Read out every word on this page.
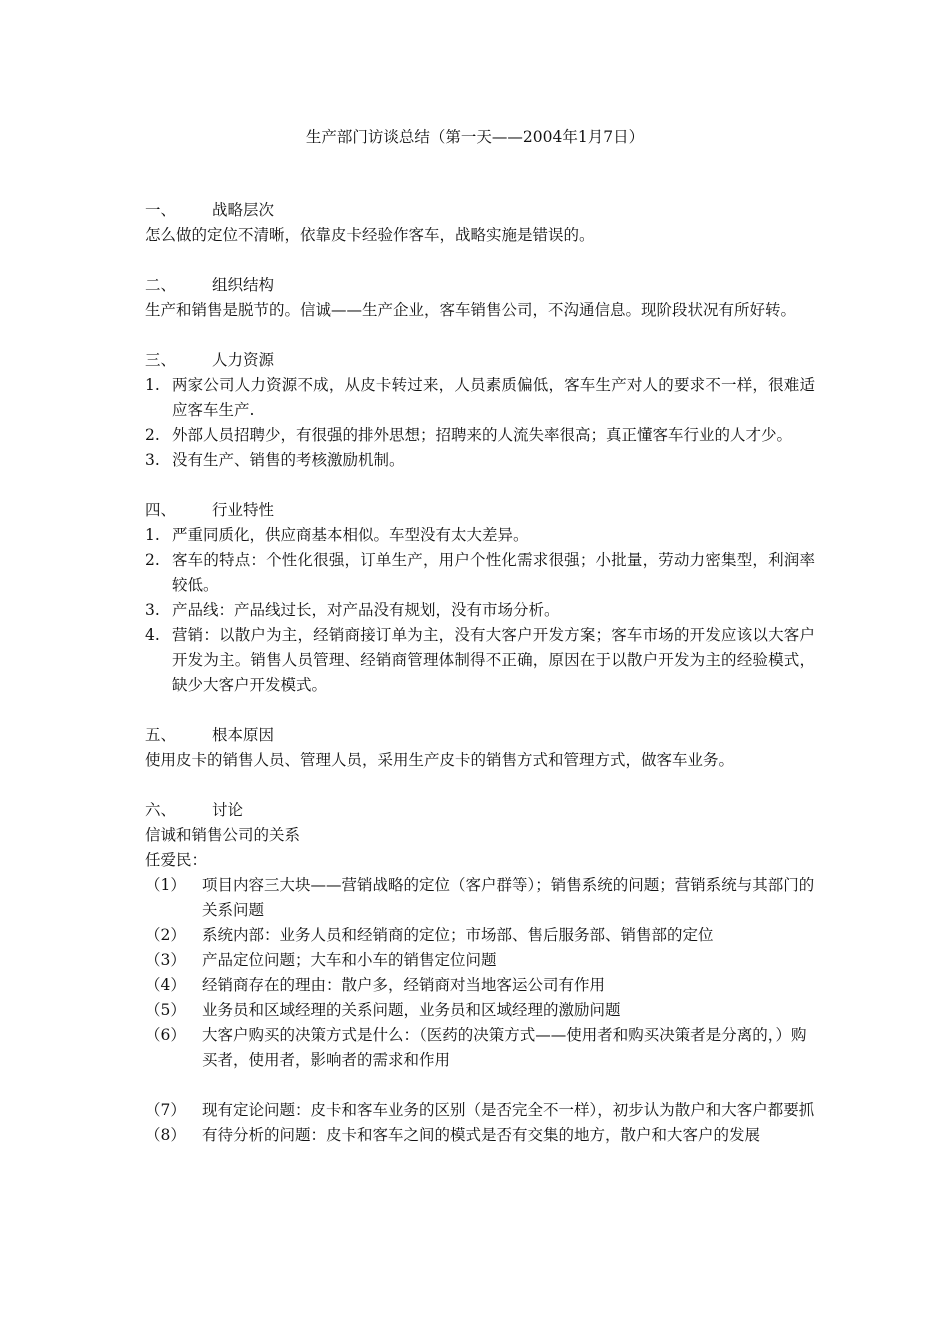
生产部门访谈总结（第一天——2004年1月7日）
一、	战略层次
怎么做的定位不清晰，依靠皮卡经验作客车，战略实施是错误的。
二、	组织结构
生产和销售是脱节的。信诚——生产企业，客车销售公司，不沟通信息。现阶段状况有所好转。
三、	人力资源
1. 两家公司人力资源不成，从皮卡转过来，人员素质偏低，客车生产对人的要求不一样，很难适应客车生产.
2. 外部人员招聘少，有很强的排外思想；招聘来的人流失率很高；真正懂客车行业的人才少。
3. 没有生产、销售的考核激励机制。
四、	行业特性
1. 严重同质化，供应商基本相似。车型没有太大差异。
2. 客车的特点：个性化很强，订单生产，用户个性化需求很强；小批量，劳动力密集型，利润率较低。
3. 产品线：产品线过长，对产品没有规划，没有市场分析。
4. 营销：以散户为主，经销商接订单为主，没有大客户开发方案；客车市场的开发应该以大客户开发为主。销售人员管理、经销商管理体制得不正确，原因在于以散户开发为主的经验模式，缺少大客户开发模式。
五、	根本原因
使用皮卡的销售人员、管理人员，采用生产皮卡的销售方式和管理方式，做客车业务。
六、	讨论
信诚和销售公司的关系
任爱民：
（1）	项目内容三大块——营销战略的定位（客户群等）；销售系统的问题；营销系统与其部门的关系问题
（2）	系统内部：业务人员和经销商的定位；市场部、售后服务部、销售部的定位
（3）	产品定位问题；大车和小车的销售定位问题
（4）	经销商存在的理由：散户多，经销商对当地客运公司有作用
（5）	业务员和区域经理的关系问题，业务员和区域经理的激励问题
（6）	大客户购买的决策方式是什么：（医药的决策方式——使用者和购买决策者是分离的，）购买者，使用者，影响者的需求和作用
（7）	现有定论问题：皮卡和客车业务的区别（是否完全不一样），初步认为散户和大客户都要抓
（8）	有待分析的问题：皮卡和客车之间的模式是否有交集的地方，散户和大客户的发展
